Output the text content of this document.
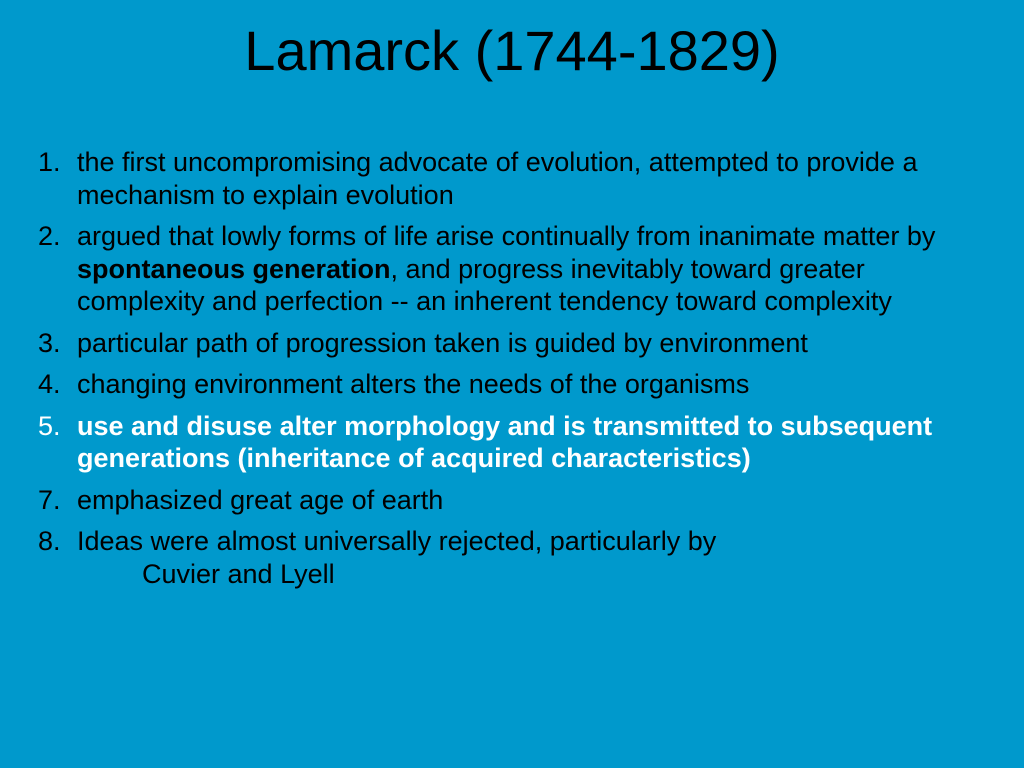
Lamarck (1744-1829)
1. the first uncompromising advocate of evolution, attempted to provide a mechanism to explain evolution
2. argued that lowly forms of life arise continually from inanimate matter by spontaneous generation, and progress inevitably toward greater complexity and perfection -- an inherent tendency toward complexity
3. particular path of progression taken is guided by environment
4. changing environment alters the needs of the organisms
5. use and disuse alter morphology and is transmitted to subsequent generations (inheritance of acquired characteristics)
7. emphasized great age of earth
8. Ideas were almost universally rejected, particularly by
Cuvier and Lyell
